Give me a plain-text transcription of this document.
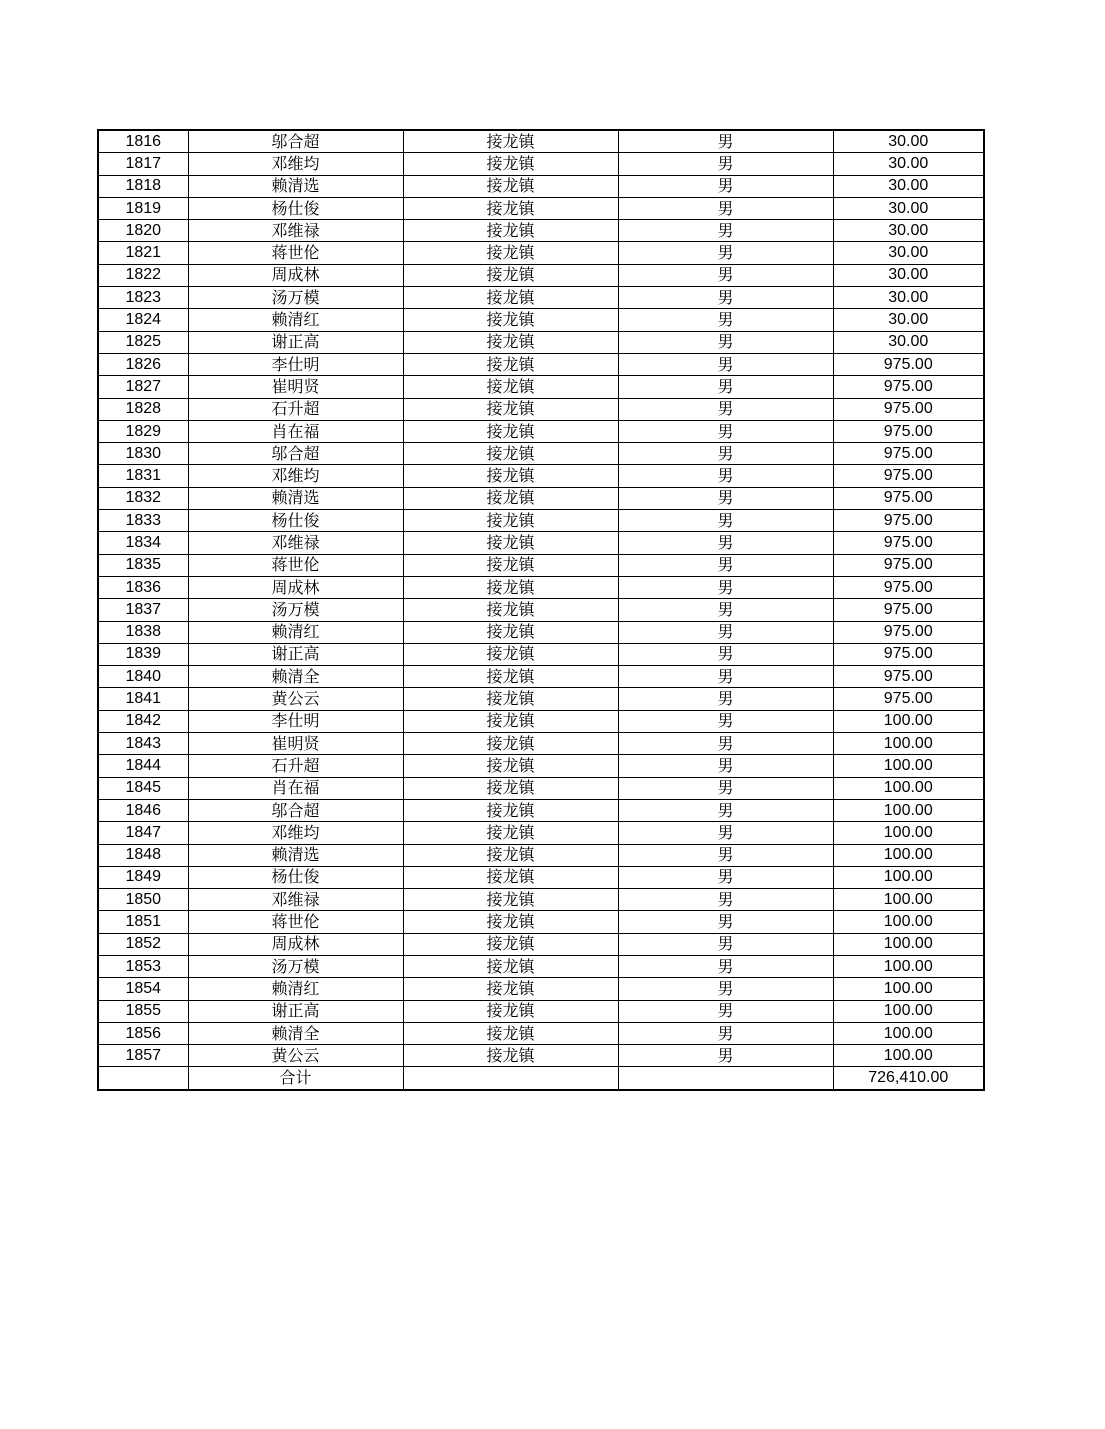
1816	邬合超	接龙镇	男	30.00
1817	邓维均	接龙镇	男	30.00
1818	赖清选	接龙镇	男	30.00
1819	杨仕俊	接龙镇	男	30.00
1820	邓维禄	接龙镇	男	30.00
1821	蒋世伦	接龙镇	男	30.00
1822	周成林	接龙镇	男	30.00
1823	汤万模	接龙镇	男	30.00
1824	赖清红	接龙镇	男	30.00
1825	谢正高	接龙镇	男	30.00
1826	李仕明	接龙镇	男	975.00
1827	崔明贤	接龙镇	男	975.00
1828	石升超	接龙镇	男	975.00
1829	肖在福	接龙镇	男	975.00
1830	邬合超	接龙镇	男	975.00
1831	邓维均	接龙镇	男	975.00
1832	赖清选	接龙镇	男	975.00
1833	杨仕俊	接龙镇	男	975.00
1834	邓维禄	接龙镇	男	975.00
1835	蒋世伦	接龙镇	男	975.00
1836	周成林	接龙镇	男	975.00
1837	汤万模	接龙镇	男	975.00
1838	赖清红	接龙镇	男	975.00
1839	谢正高	接龙镇	男	975.00
1840	赖清全	接龙镇	男	975.00
1841	黄公云	接龙镇	男	975.00
1842	李仕明	接龙镇	男	100.00
1843	崔明贤	接龙镇	男	100.00
1844	石升超	接龙镇	男	100.00
1845	肖在福	接龙镇	男	100.00
1846	邬合超	接龙镇	男	100.00
1847	邓维均	接龙镇	男	100.00
1848	赖清选	接龙镇	男	100.00
1849	杨仕俊	接龙镇	男	100.00
1850	邓维禄	接龙镇	男	100.00
1851	蒋世伦	接龙镇	男	100.00
1852	周成林	接龙镇	男	100.00
1853	汤万模	接龙镇	男	100.00
1854	赖清红	接龙镇	男	100.00
1855	谢正高	接龙镇	男	100.00
1856	赖清全	接龙镇	男	100.00
1857	黄公云	接龙镇	男	100.00
	合计			726,410.00
